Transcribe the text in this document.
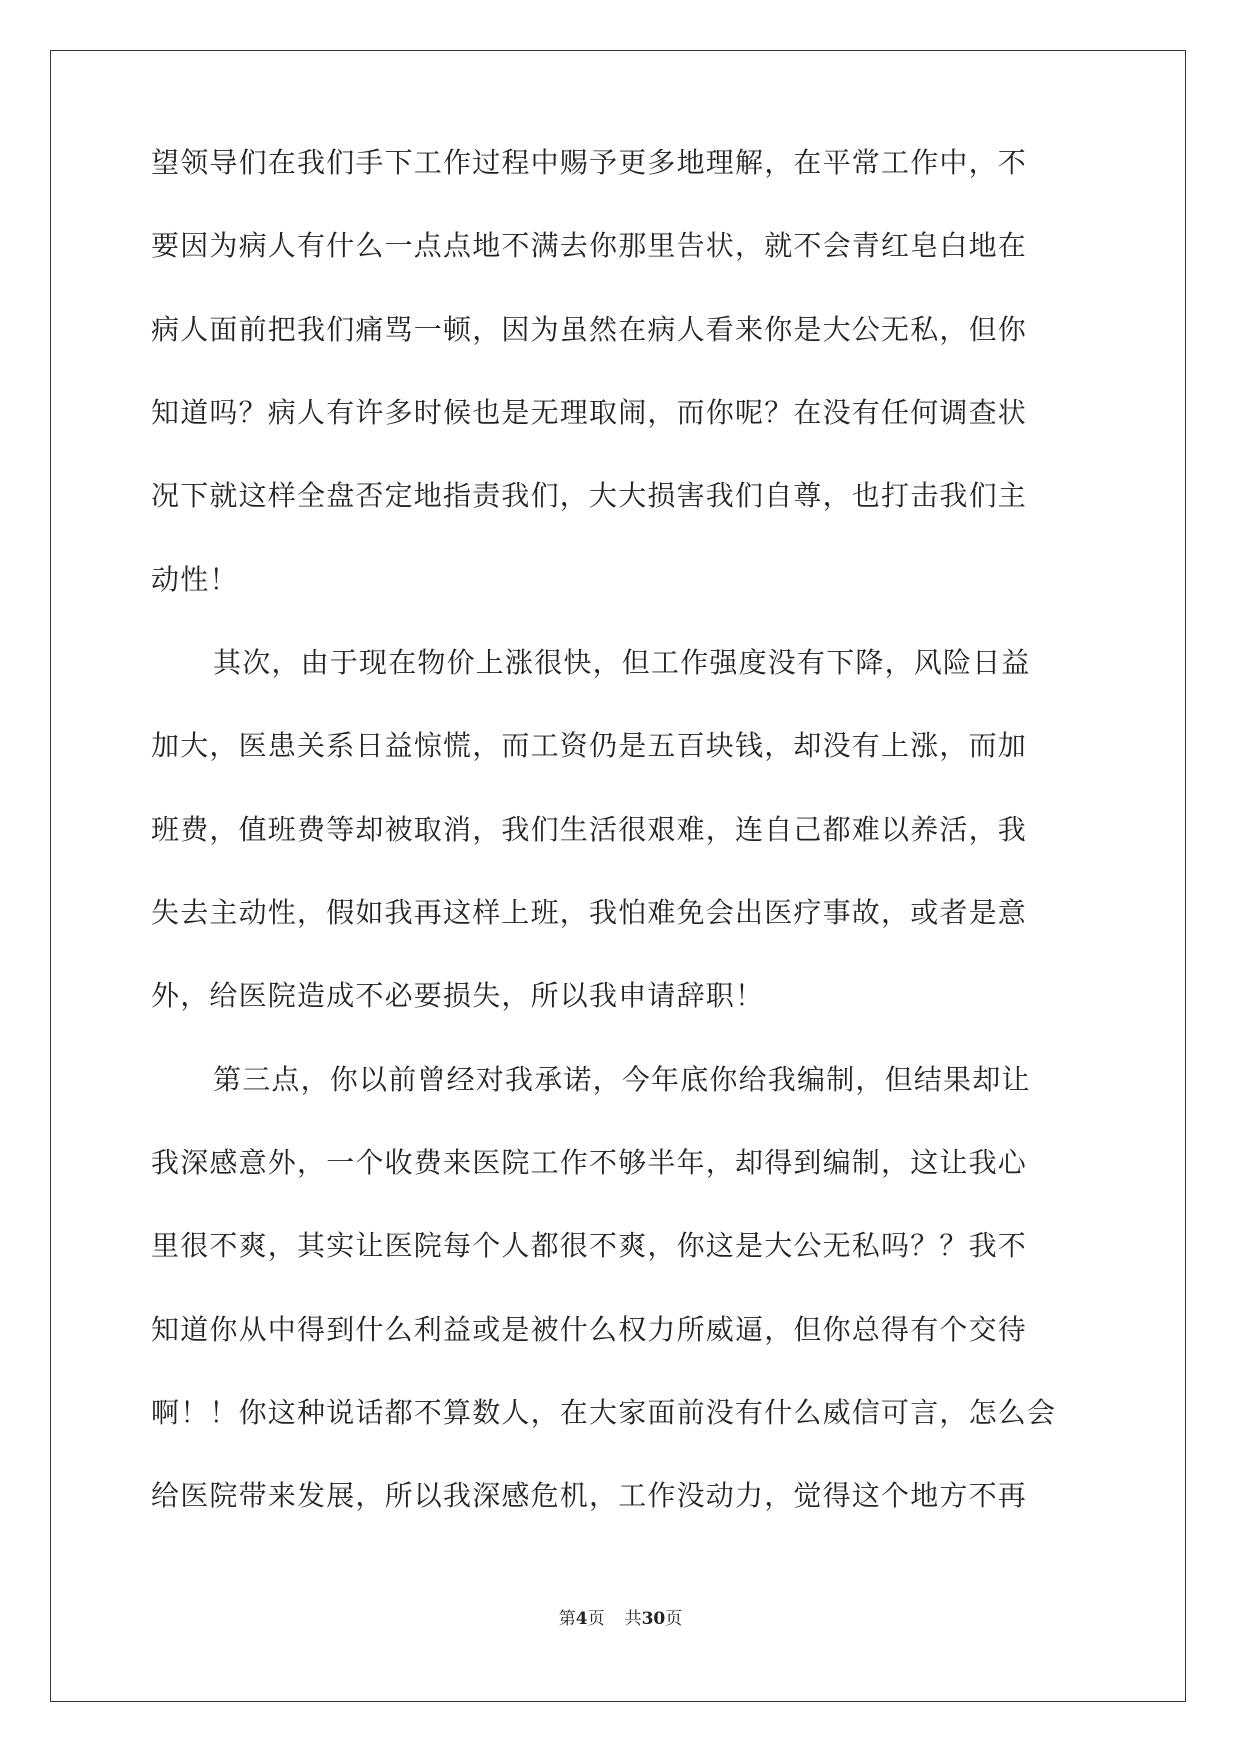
望领导们在我们手下工作过程中赐予更多地理解，在平常工作中，不
要因为病人有什么一点点地不满去你那里告状，就不会青红皂白地在
病人面前把我们痛骂一顿，因为虽然在病人看来你是大公无私，但你
知道吗？病人有许多时候也是无理取闹，而你呢？在没有任何调查状
况下就这样全盘否定地指责我们，大大损害我们自尊，也打击我们主
动性！
其次，由于现在物价上涨很快，但工作强度没有下降，风险日益
加大，医患关系日益惊慌，而工资仍是五百块钱，却没有上涨，而加
班费，值班费等却被取消，我们生活很艰难，连自己都难以养活，我
失去主动性，假如我再这样上班，我怕难免会出医疗事故，或者是意
外，给医院造成不必要损失，所以我申请辞职！
第三点，你以前曾经对我承诺，今年底你给我编制，但结果却让
我深感意外，一个收费来医院工作不够半年，却得到编制，这让我心
里很不爽，其实让医院每个人都很不爽，你这是大公无私吗？？我不
知道你从中得到什么利益或是被什么权力所威逼，但你总得有个交待
啊！！你这种说话都不算数人，在大家面前没有什么威信可言，怎么会
给医院带来发展，所以我深感危机，工作没动力，觉得这个地方不再
第4页 共30页
